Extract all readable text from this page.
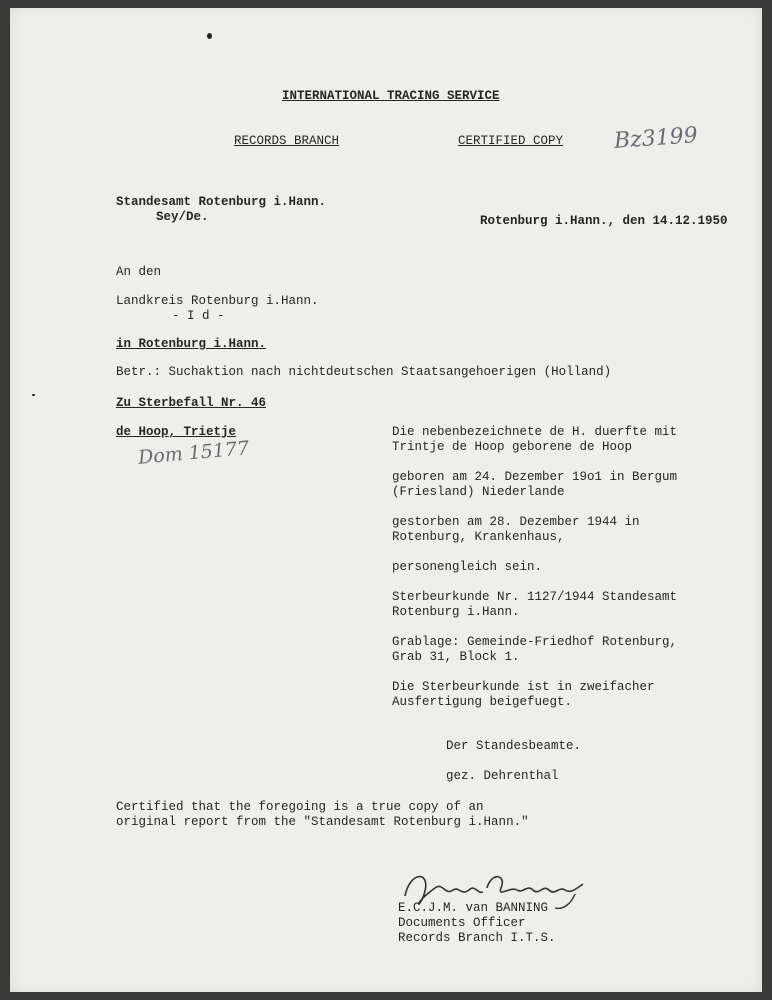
INTERNATIONAL TRACING SERVICE
RECORDS BRANCH	CERTIFIED COPY Bz3199
Standesamt Rotenburg i.Hann.
Sey/De.	Rotenburg i.Hann., den 14.12.1950
An den
Landkreis Rotenburg i.Hann.
- I d -
in Rotenburg i.Hann.
Betr.: Suchaktion nach nichtdeutschen Staatsangehoerigen (Holland)
Zu Sterbefall Nr. 46
de Hoop, Trietje
Dom 15177
Die nebenbezeichnete de H. duerfte mit
Trintje de Hoop geborene de Hoop
geboren am 24. Dezember 19o1 in Bergum
(Friesland) Niederlande
gestorben am 28. Dezember 1944 in
Rotenburg, Krankenhaus,
personengleich sein.
Sterbeurkunde Nr. 1127/1944 Standesamt
Rotenburg i.Hann.
Grablage: Gemeinde-Friedhof Rotenburg,
Grab 31, Block 1.
Die Sterbeurkunde ist in zweifacher
Ausfertigung beigefuegt.
Der Standesbeamte.
gez. Dehrenthal
Certified that the foregoing is a true copy of an
original report from the "Standesamt Rotenburg i.Hann."
E.C.J.M. van BANNING
Documents Officer
Records Branch I.T.S.
